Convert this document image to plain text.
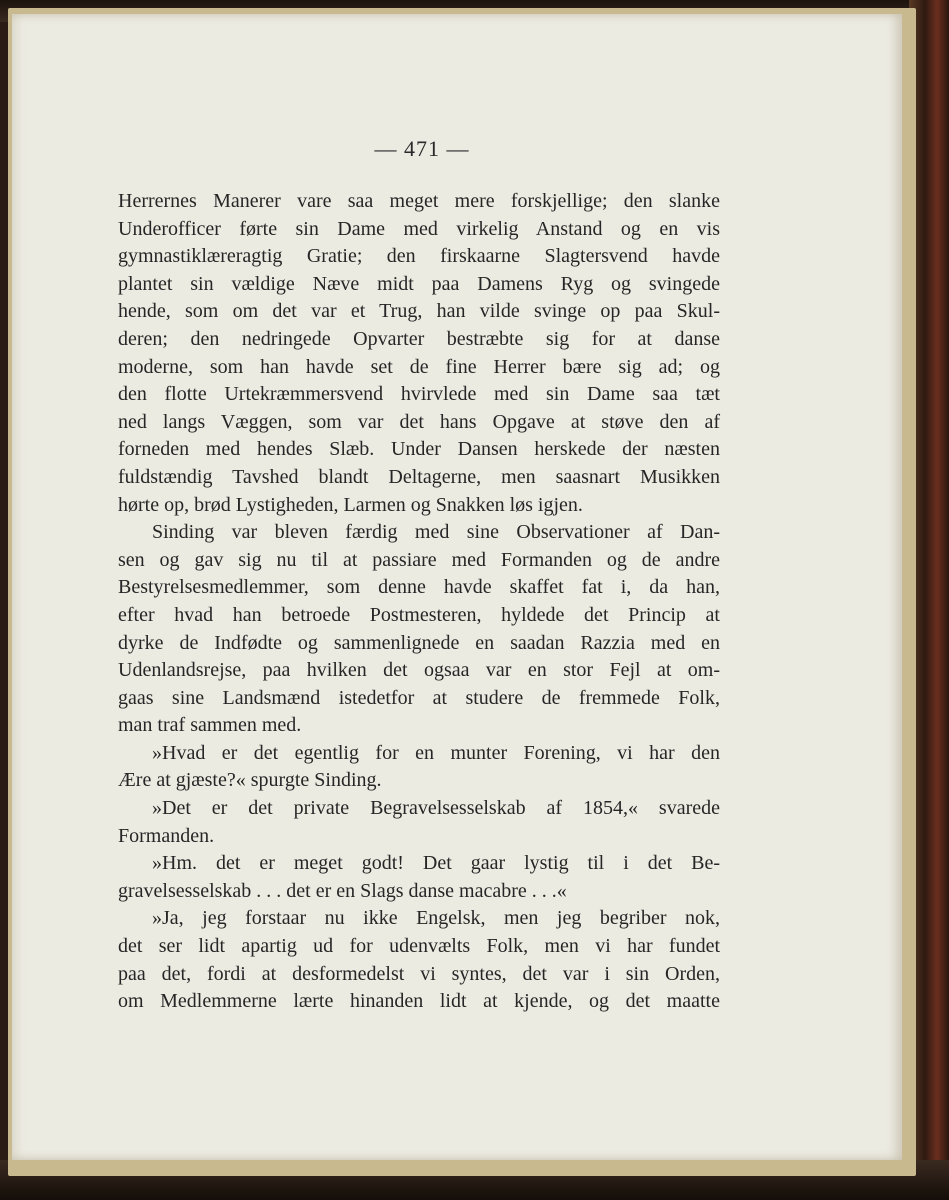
— 471 —
Herrernes Manerer vare saa meget mere forskjellige; den slanke
Underofficer førte sin Dame med virkelig Anstand og en vis
gymnastiklæreragtig Gratie; den firskaarne Slagtersvend havde
plantet sin vældige Næve midt paa Damens Ryg og svingede
hende, som om det var et Trug, han vilde svinge op paa Skul-
deren; den nedringede Opvarter bestræbte sig for at danse
moderne, som han havde set de fine Herrer bære sig ad; og
den flotte Urtekræmmersvend hvirvlede med sin Dame saa tæt
ned langs Væggen, som var det hans Opgave at støve den af
forneden med hendes Slæb. Under Dansen herskede der næsten
fuldstændig Tavshed blandt Deltagerne, men saasnart Musikken
hørte op, brød Lystigheden, Larmen og Snakken løs igjen.
Sinding var bleven færdig med sine Observationer af Dan-
sen og gav sig nu til at passiare med Formanden og de andre
Bestyrelsesmedlemmer, som denne havde skaffet fat i, da han,
efter hvad han betroede Postmesteren, hyldede det Princip at
dyrke de Indfødte og sammenlignede en saadan Razzia med en
Udenlandsrejse, paa hvilken det ogsaa var en stor Fejl at om-
gaas sine Landsmænd istedetfor at studere de fremmede Folk,
man traf sammen med.
»Hvad er det egentlig for en munter Forening, vi har den
Ære at gjæste?« spurgte Sinding.
»Det er det private Begravelsesselskab af 1854,« svarede
Formanden.
»Hm. det er meget godt! Det gaar lystig til i det Be-
gravelsesselskab . . . det er en Slags danse macabre . . .«
»Ja, jeg forstaar nu ikke Engelsk, men jeg begriber nok,
det ser lidt apartig ud for udenvælts Folk, men vi har fundet
paa det, fordi at desformedelst vi syntes, det var i sin Orden,
om Medlemmerne lærte hinanden lidt at kjende, og det maatte
